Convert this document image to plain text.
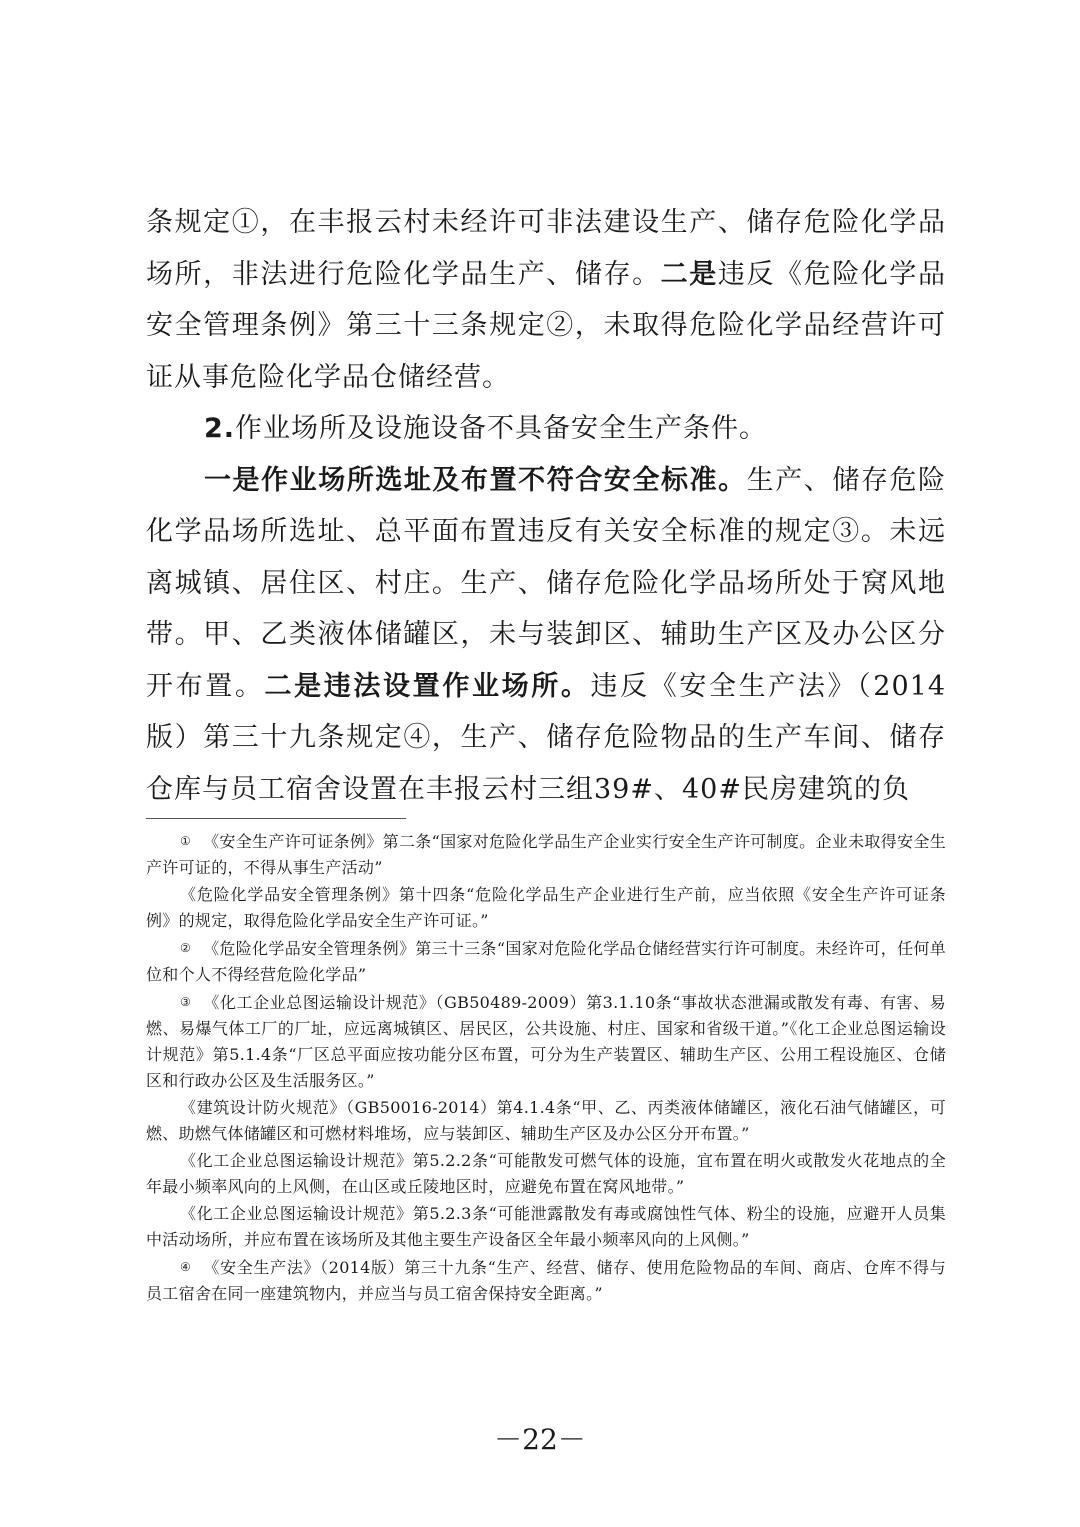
条规定①，在丰报云村未经许可非法建设生产、储存危险化学品场所，非法进行危险化学品生产、储存。二是违反《危险化学品安全管理条例》第三十三条规定②，未取得危险化学品经营许可证从事危险化学品仓储经营。

2.作业场所及设施设备不具备安全生产条件。

一是作业场所选址及布置不符合安全标准。生产、储存危险化学品场所选址、总平面布置违反有关安全标准的规定③。未远离城镇、居住区、村庄。生产、储存危险化学品场所处于窝风地带。甲、乙类液体储罐区，未与装卸区、辅助生产区及办公区分开布置。二是违法设置作业场所。违反《安全生产法》（2014版）第三十九条规定④，生产、储存危险物品的生产车间、储存仓库与员工宿舍设置在丰报云村三组39#、40#民房建筑的负

① 《安全生产许可证条例》第二条“国家对危险化学品生产企业实行安全生产许可制度。企业未取得安全生产许可证的，不得从事生产活动”

《危险化学品安全管理条例》第十四条“危险化学品生产企业进行生产前，应当依照《安全生产许可证条例》的规定，取得危险化学品安全生产许可证。”

② 《危险化学品安全管理条例》第三十三条“国家对危险化学品仓储经营实行许可制度。未经许可，任何单位和个人不得经营危险化学品”

③ 《化工企业总图运输设计规范》（GB50489-2009）第3.1.10条“事故状态泄漏或散发有毒、有害、易燃、易爆气体工厂的厂址，应远离城镇区、居民区，公共设施、村庄、国家和省级干道。”《化工企业总图运输设计规范》第5.1.4条“厂区总平面应按功能分区布置，可分为生产装置区、辅助生产区、公用工程设施区、仓储区和行政办公区及生活服务区。”

《建筑设计防火规范》（GB50016-2014）第4.1.4条“甲、乙、丙类液体储罐区，液化石油气储罐区，可燃、助燃气体储罐区和可燃材料堆场，应与装卸区、辅助生产区及办公区分开布置。”

《化工企业总图运输设计规范》第5.2.2条“可能散发可燃气体的设施，宜布置在明火或散发火花地点的全年最小频率风向的上风侧，在山区或丘陵地区时，应避免布置在窝风地带。”

《化工企业总图运输设计规范》第5.2.3条“可能泄露散发有毒或腐蚀性气体、粉尘的设施，应避开人员集中活动场所，并应布置在该场所及其他主要生产设备区全年最小频率风向的上风侧。”

④ 《安全生产法》（2014版）第三十九条“生产、经营、储存、使用危险物品的车间、商店、仓库不得与员工宿舍在同一座建筑物内，并应当与员工宿舍保持安全距离。”

－22－
